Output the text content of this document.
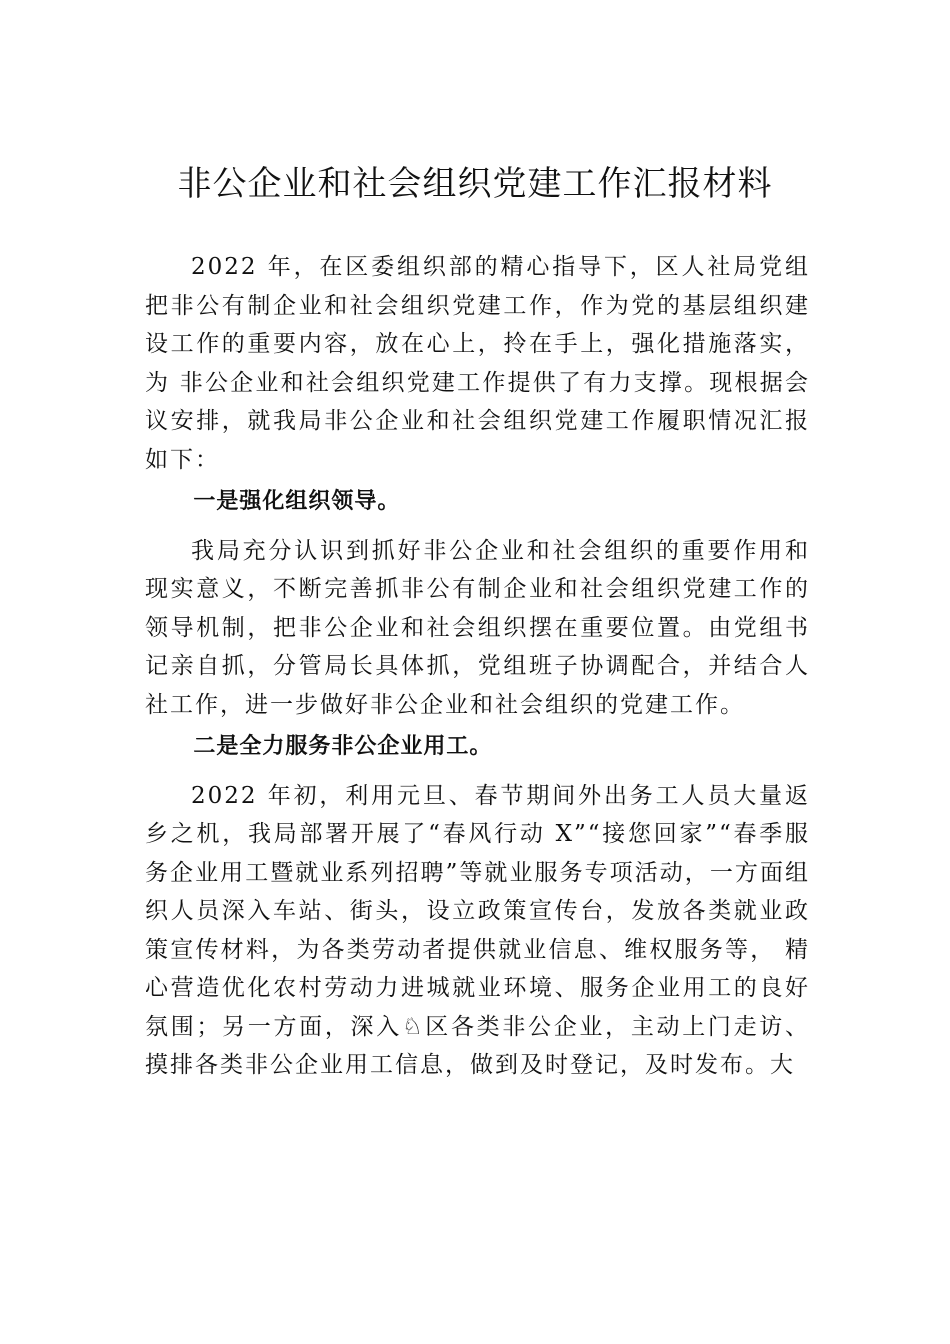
非公企业和社会组织党建工作汇报材料

2022 年，在区委组织部的精心指导下，区人社局党组把非公有制企业和社会组织党建工作，作为党的基层组织建设工作的重要内容，放在心上，拎在手上，强化措施落实，为 非公企业和社会组织党建工作提供了有力支撑。现根据会议安排，就我局非公企业和社会组织党建工作履职情况汇报如下：

一是强化组织领导。

我局充分认识到抓好非公企业和社会组织的重要作用和现实意义，不断完善抓非公有制企业和社会组织党建工作的领导机制，把非公企业和社会组织摆在重要位置。由党组书记亲自抓，分管局长具体抓，党组班子协调配合，并结合人社工作，进一步做好非公企业和社会组织的党建工作。

二是全力服务非公企业用工。

2022 年初，利用元旦、春节期间外出务工人员大量返乡之机，我局部署开展了“春风行动 X”“接您回家”“春季服务企业用工暨就业系列招聘”等就业服务专项活动，一方面组织人员深入车站、街头，设立政策宣传台，发放各类就业政策宣传材料，为各类劳动者提供就业信息、维权服务等， 精心营造优化农村劳动力进城就业环境、服务企业用工的良好氛围；另一方面，深入♘区各类非公企业，主动上门走访、摸排各类非公企业用工信息，做到及时登记，及时发布。大
